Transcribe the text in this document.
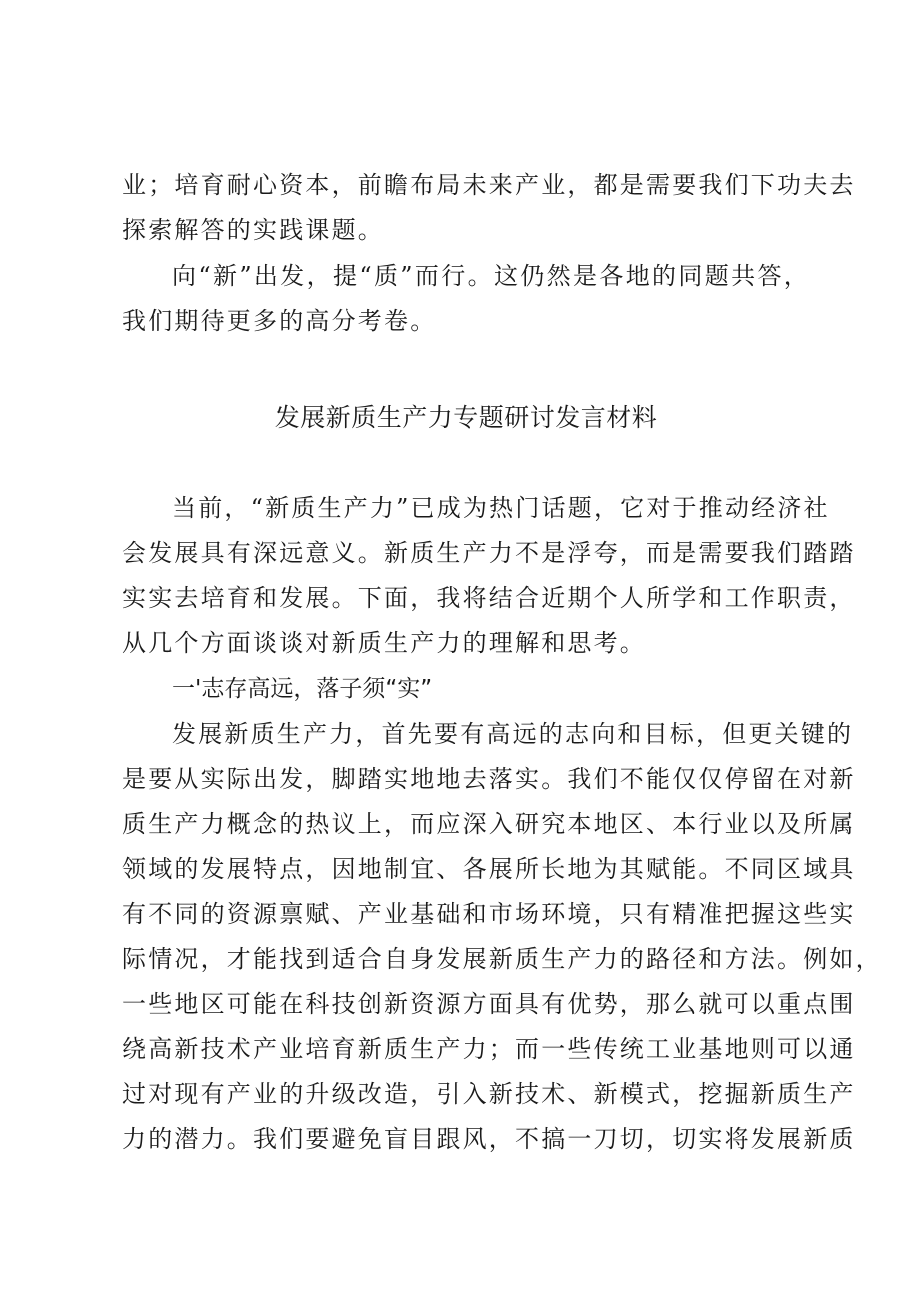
业；培育耐心资本，前瞻布局未来产业，都是需要我们下功夫去
探索解答的实践课题。
向“新”出发，提“质”而行。这仍然是各地的同题共答，
我们期待更多的高分考卷。
发展新质生产力专题研讨发言材料
当前，“新质生产力”已成为热门话题，它对于推动经济社
会发展具有深远意义。新质生产力不是浮夸，而是需要我们踏踏
实实去培育和发展。下面，我将结合近期个人所学和工作职责，
从几个方面谈谈对新质生产力的理解和思考。
一'志存高远，落子须“实”
发展新质生产力，首先要有高远的志向和目标，但更关键的
是要从实际出发，脚踏实地地去落实。我们不能仅仅停留在对新
质生产力概念的热议上，而应深入研究本地区、本行业以及所属
领域的发展特点，因地制宜、各展所长地为其赋能。不同区域具
有不同的资源禀赋、产业基础和市场环境，只有精准把握这些实
际情况，才能找到适合自身发展新质生产力的路径和方法。例如，
一些地区可能在科技创新资源方面具有优势，那么就可以重点围
绕高新技术产业培育新质生产力；而一些传统工业基地则可以通
过对现有产业的升级改造，引入新技术、新模式，挖掘新质生产
力的潜力。我们要避免盲目跟风，不搞一刀切，切实将发展新质
